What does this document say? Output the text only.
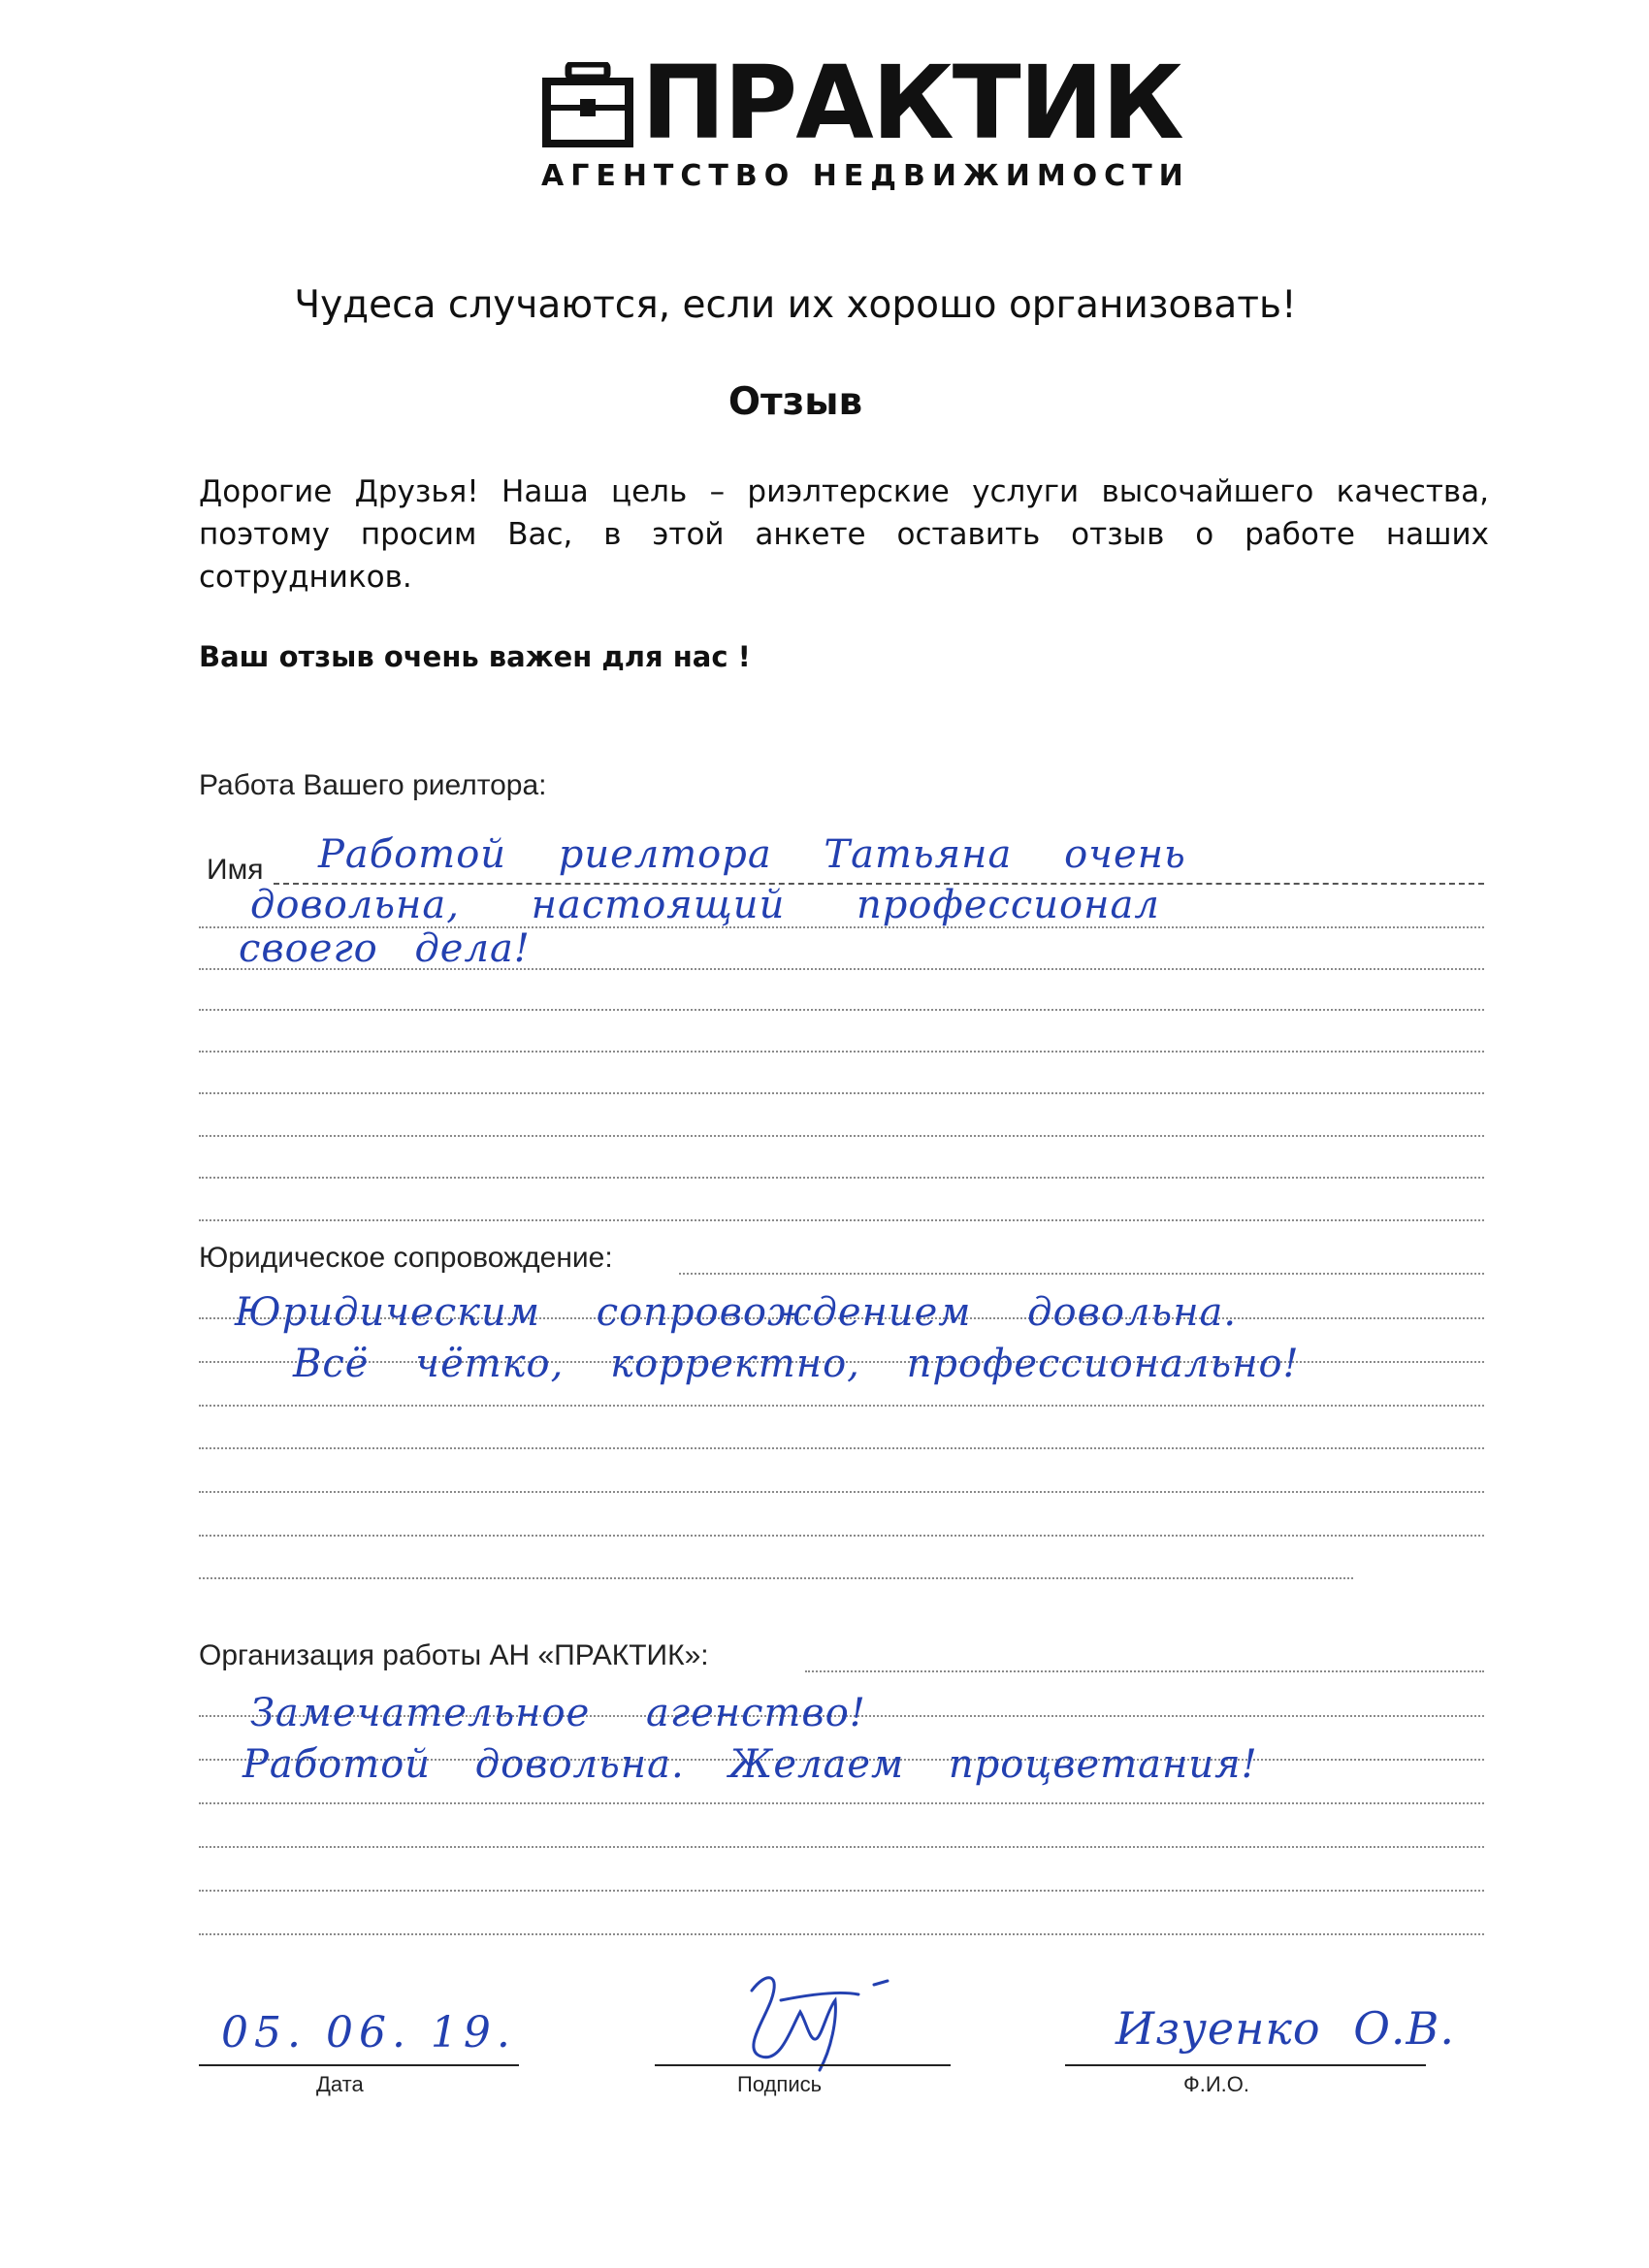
ПРАКТИК
АГЕНТСТВО НЕДВИЖИМОСТИ
Чудеса случаются, если их хорошо организовать!
Отзыв
Дорогие Друзья! Наша цель – риэлтерские услуги высочайшего качества, поэтому просим Вас, в этой анкете оставить отзыв о работе наших сотрудников.
Ваш отзыв очень важен для нас !
Работа Вашего риелтора:
Имя Работой риелтора Татьяна очень
довольна, настоящий профессионал
своего дела!
Юридическое сопровождение:
Юридическим сопровождением довольна.
Всё чётко, корректно, профессионально!
Организация работы АН «ПРАКТИК»:
Замечательное агенство!
Работой довольна. Желаем процветания!
05. 06. 19.
Дата	Подпись
Изуенко О.В.
Ф.И.О.
